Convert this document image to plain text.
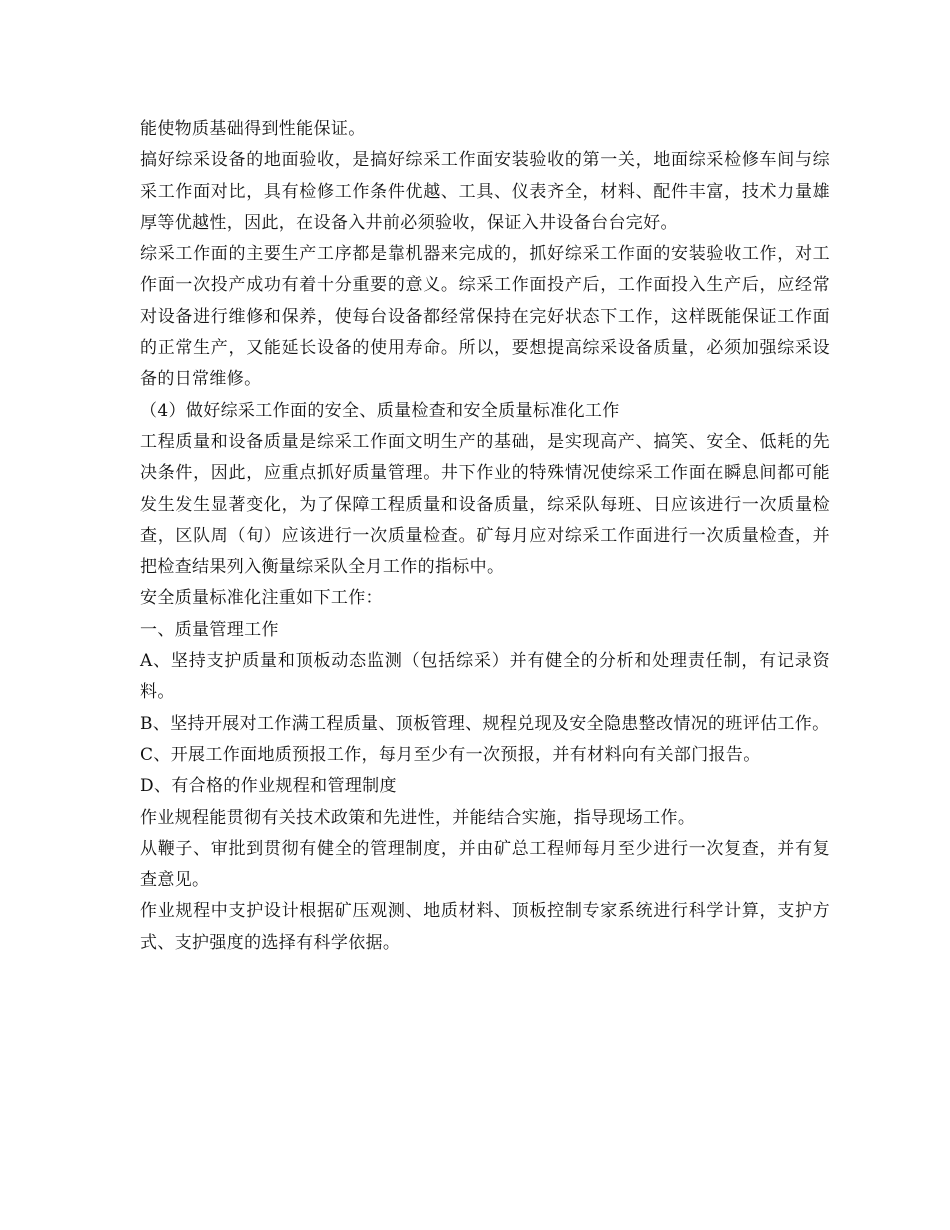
能使物质基础得到性能保证。

搞好综采设备的地面验收，是搞好综采工作面安装验收的第一关，地面综采检修车间与综采工作面对比，具有检修工作条件优越、工具、仪表齐全，材料、配件丰富，技术力量雄厚等优越性，因此，在设备入井前必须验收，保证入井设备台台完好。

综采工作面的主要生产工序都是靠机器来完成的，抓好综采工作面的安装验收工作，对工作面一次投产成功有着十分重要的意义。综采工作面投产后，工作面投入生产后，应经常对设备进行维修和保养，使每台设备都经常保持在完好状态下工作，这样既能保证工作面的正常生产，又能延长设备的使用寿命。所以，要想提高综采设备质量，必须加强综采设备的日常维修。

（4）做好综采工作面的安全、质量检查和安全质量标准化工作

工程质量和设备质量是综采工作面文明生产的基础，是实现高产、搞笑、安全、低耗的先决条件，因此，应重点抓好质量管理。井下作业的特殊情况使综采工作面在瞬息间都可能发生发生显著变化，为了保障工程质量和设备质量，综采队每班、日应该进行一次质量检查，区队周（旬）应该进行一次质量检查。矿每月应对综采工作面进行一次质量检查，并把检查结果列入衡量综采队全月工作的指标中。

安全质量标准化注重如下工作：

一、质量管理工作

A、坚持支护质量和顶板动态监测（包括综采）并有健全的分析和处理责任制，有记录资料。

B、坚持开展对工作满工程质量、顶板管理、规程兑现及安全隐患整改情况的班评估工作。

C、开展工作面地质预报工作，每月至少有一次预报，并有材料向有关部门报告。

D、有合格的作业规程和管理制度

作业规程能贯彻有关技术政策和先进性，并能结合实施，指导现场工作。

从鞭子、审批到贯彻有健全的管理制度，并由矿总工程师每月至少进行一次复查，并有复查意见。

作业规程中支护设计根据矿压观测、地质材料、顶板控制专家系统进行科学计算，支护方式、支护强度的选择有科学依据。
